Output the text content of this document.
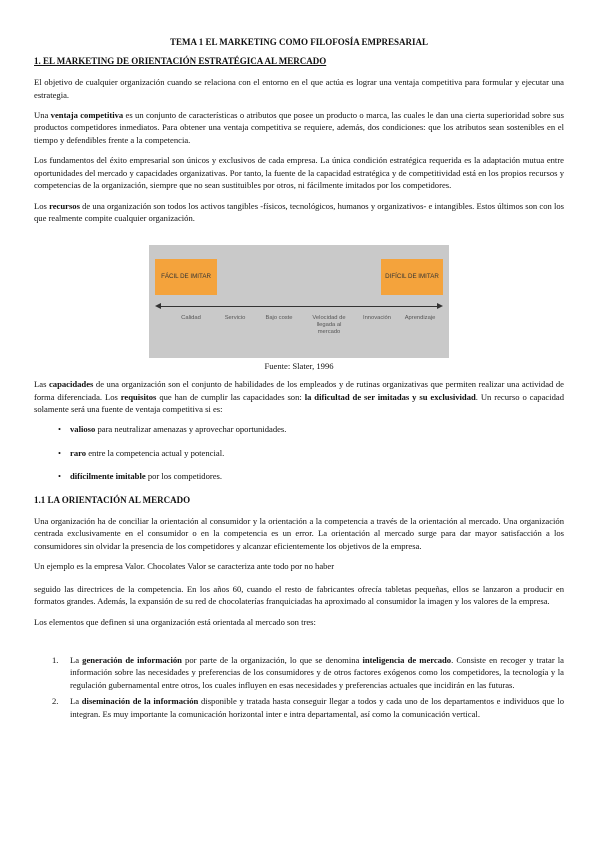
TEMA 1 EL MARKETING COMO FILOFOSÍA EMPRESARIAL
1. EL MARKETING DE ORIENTACIÓN ESTRATÉGICA AL MERCADO

El objetivo de cualquier organización cuando se relaciona con el entorno en el que actúa es lograr una ventaja competitiva para formular y ejecutar una estrategia.

Una ventaja competitiva es un conjunto de características o atributos que posee un producto o marca, las cuales le dan una cierta superioridad sobre sus productos competidores inmediatos. Para obtener una ventaja competitiva se requiere, además, dos condiciones: que los atributos sean sostenibles en el tiempo y defendibles frente a la competencia.

Los fundamentos del éxito empresarial son únicos y exclusivos de cada empresa. La única condición estratégica requerida es la adaptación mutua entre oportunidades del mercado y capacidades organizativas. Por tanto, la fuente de la capacidad estratégica y de competitividad está en los propios recursos y competencias de la organización, siempre que no sean sustituibles por otros, ni fácilmente imitados por los competidores.

Los recursos de una organización son todos los activos tangibles -físicos, tecnológicos, humanos y organizativos- e intangibles. Estos últimos son con los que realmente compite cualquier organización.

FÁCIL DE IMITAR	DIFÍCIL DE IMITAR
Calidad	Servicio	Bajo coste	Velocidad de llegada al mercado
Innovación	Aprendizaje
Fuente: Slater, 1996

Las capacidades de una organización son el conjunto de habilidades de los empleados y de rutinas organizativas que permiten realizar una actividad de forma diferenciada. Los requisitos que han de cumplir las capacidades son: la dificultad de ser imitadas y su exclusividad. Un recurso o capacidad solamente será una fuente de ventaja competitiva si es:

• valioso para neutralizar amenazas y aprovechar oportunidades.
• raro entre la competencia actual y potencial.
• difícilmente imitable por los competidores.
1.1 LA ORIENTACIÓN AL MERCADO

Una organización ha de conciliar la orientación al consumidor y la orientación a la competencia a través de la orientación al mercado. Una organización centrada exclusivamente en el consumidor o en la competencia es un error. La orientación al mercado surge para dar mayor satisfacción a los consumidores sin olvidar la presencia de los competidores y alcanzar eficientemente los objetivos de la empresa.

Un ejemplo es la empresa Valor. Chocolates Valor se caracteriza ante todo por no haber

seguido las directrices de la competencia. En los años 60, cuando el resto de fabricantes ofrecía tabletas pequeñas, ellos se lanzaron a producir en formatos grandes. Además, la expansión de su red de chocolaterías franquiciadas ha aproximado al consumidor la imagen y los valores de la empresa.

Los elementos que definen si una organización está orientada al mercado son tres:

1. La generación de información por parte de la organización, lo que se denomina inteligencia de mercado. Consiste en recoger y tratar la información sobre las necesidades y preferencias de los consumidores y de otros factores exógenos como los competidores, la tecnología y la regulación gubernamental entre otros, los cuales influyen en esas necesidades y preferencias actuales que incidirán en las futuras.
2. La diseminación de la información disponible y tratada hasta conseguir llegar a todos y cada uno de los departamentos e individuos que lo integran. Es muy importante la comunicación horizontal inter e intra departamental, así como la comunicación vertical.
